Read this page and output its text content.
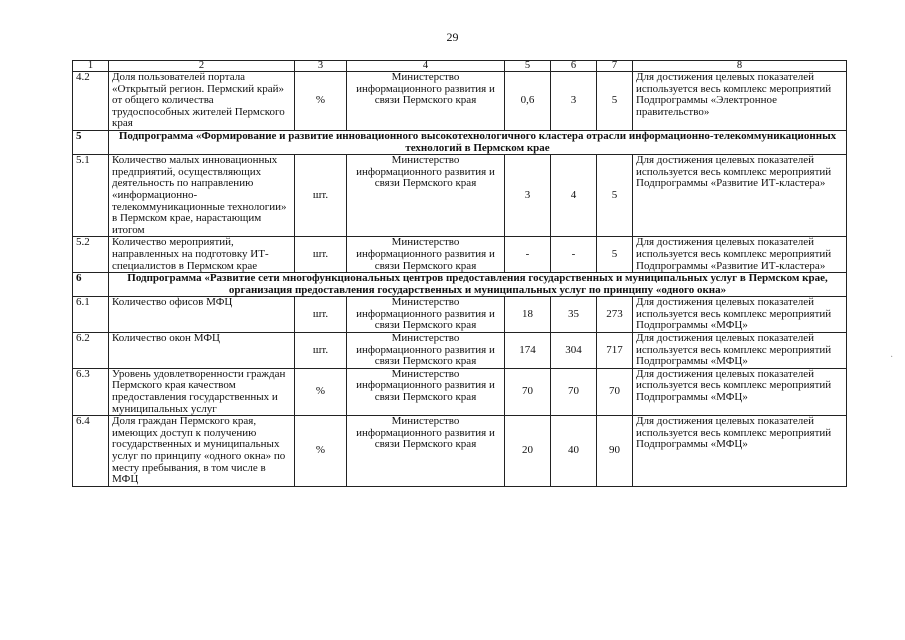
29
1	2	3	4	5	6	7	8
4.2	Доля пользователей портала «Открытый регион. Пермский край» от общего количества трудоспособных жителей Пермского края	%	Министерство информационного развития и связи Пермского края	0,6	3	5	Для достижения целевых показателей используется весь комплекс мероприятий Подпрограммы «Электронное правительство»
5	Подпрограмма «Формирование и развитие инновационного высокотехнологичного кластера отрасли информационно-телекоммуникационных технологий в Пермском крае						
5.1	Количество малых инновационных предприятий, осуществляющих деятельность по направлению «информационно-телекоммуникационные технологии» в Пермском крае, нарастающим итогом	шт.	Министерство информационного развития и связи Пермского края	3	4	5	Для достижения целевых показателей используется весь комплекс мероприятий Подпрограммы «Развитие ИТ-кластера»
5.2	Количество мероприятий, направленных на подготовку ИТ-специалистов в Пермском крае	шт.	Министерство информационного развития и связи Пермского края	-	-	5	Для достижения целевых показателей используется весь комплекс мероприятий Подпрограммы «Развитие ИТ-кластера»
6	Подпрограмма «Развитие сети многофункциональных центров предоставления государственных и муниципальных услуг в Пермском крае, организация предоставления государственных и муниципальных услуг по принципу «одного окна»						
6.1	Количество офисов МФЦ	шт.	Министерство информационного развития и связи Пермского края	18	35	273	Для достижения целевых показателей используется весь комплекс мероприятий Подпрограммы «МФЦ»
6.2	Количество окон МФЦ	шт.	Министерство информационного развития и связи Пермского края	174	304	717	Для достижения целевых показателей используется весь комплекс мероприятий Подпрограммы «МФЦ»
6.3	Уровень удовлетворенности граждан Пермского края качеством предоставления государственных и муниципальных услуг	%	Министерство информационного развития и связи Пермского края	70	70	70	Для достижения целевых показателей используется весь комплекс мероприятий Подпрограммы «МФЦ»
6.4	Доля граждан Пермского края, имеющих доступ к получению государственных и муниципальных услуг по принципу «одного окна» по месту пребывания, в том числе в МФЦ	%	Министерство информационного развития и связи Пермского края	20	40	90	Для достижения целевых показателей используется весь комплекс мероприятий Подпрограммы «МФЦ»
·
